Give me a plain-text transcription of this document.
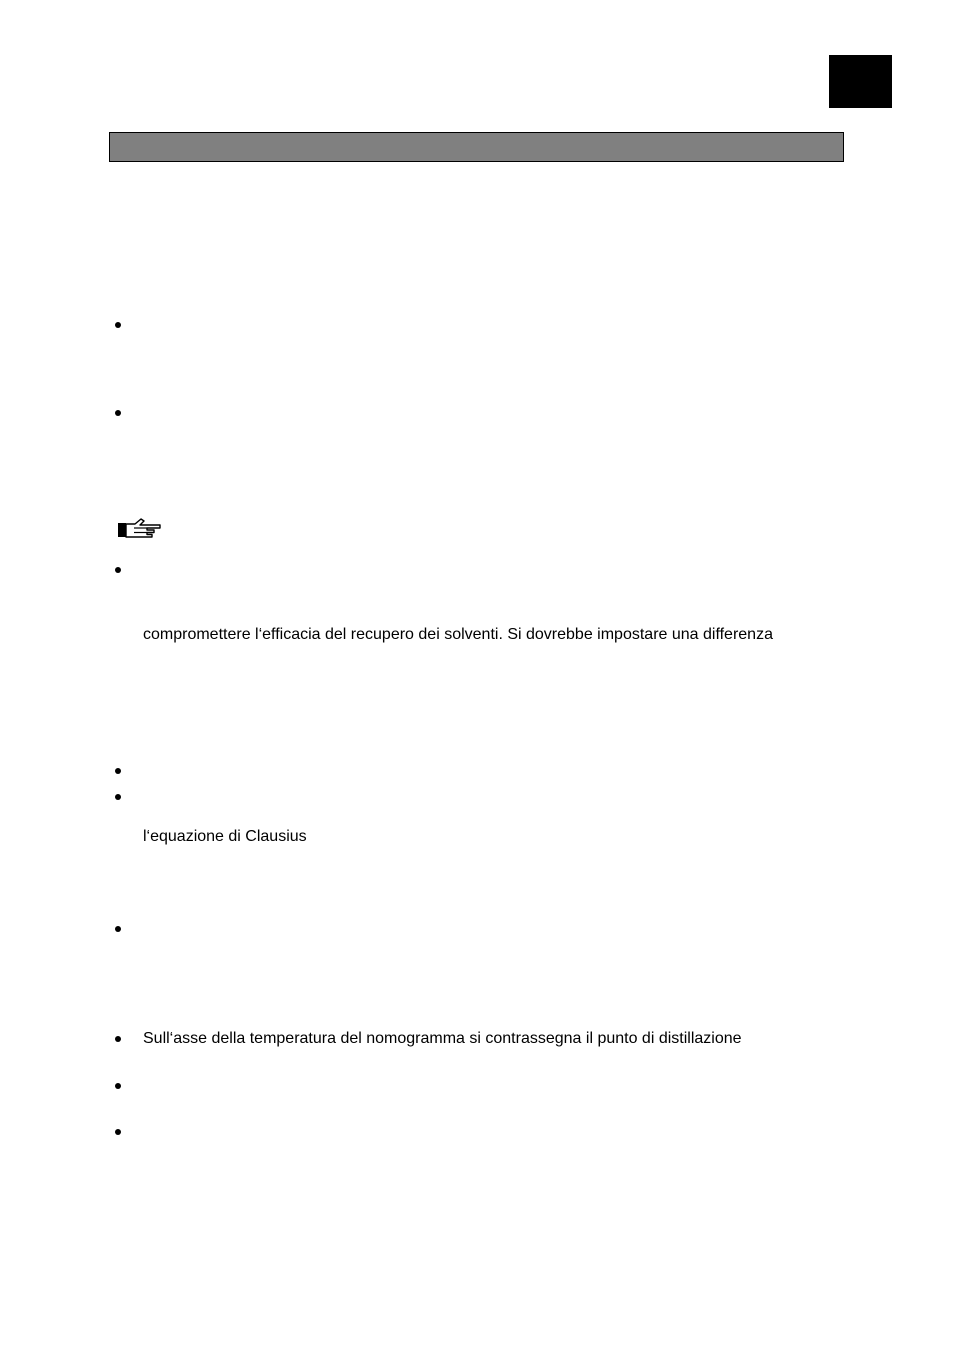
compromettere l‘efficacia del recupero dei solventi. Si dovrebbe impostare una differenza
l‘equazione di Clausius
Sull‘asse della temperatura del nomogramma si contrassegna il punto di distillazione
